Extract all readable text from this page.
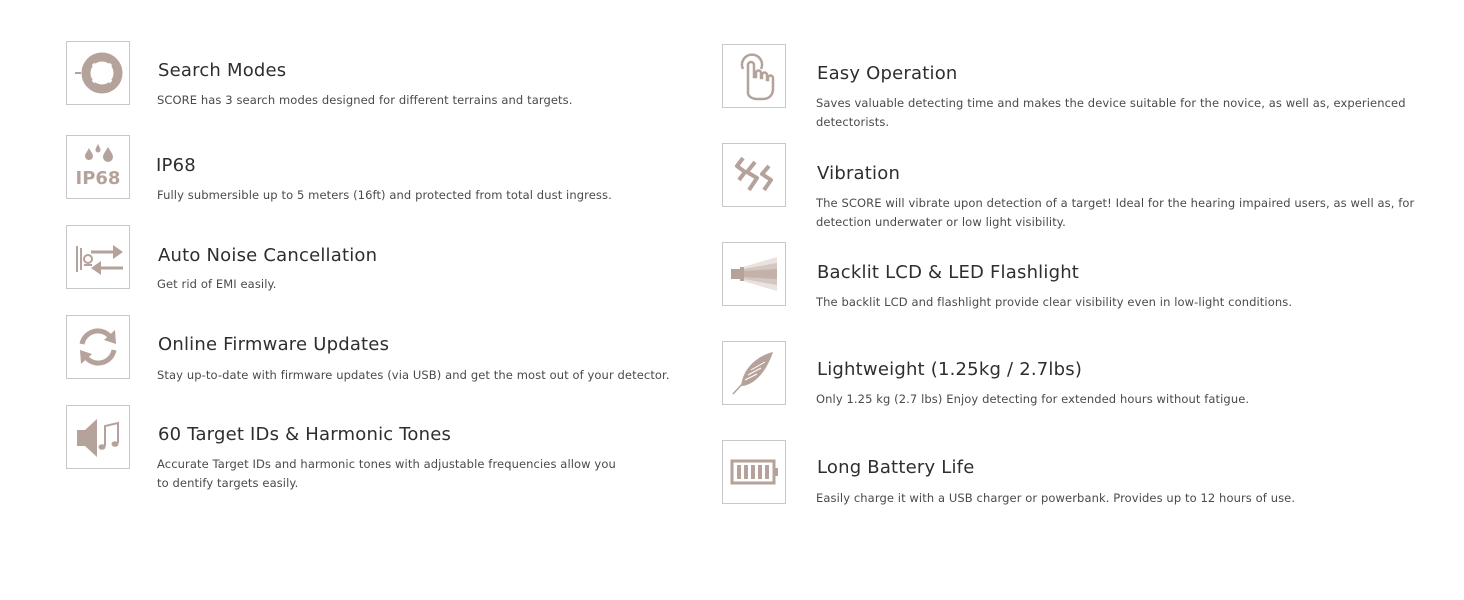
Search Modes
SCORE has 3 search modes designed for different terrains and targets.
IP68
IP68
Fully submersible up to 5 meters (16ft) and protected from total dust ingress.
Auto Noise Cancellation
Get rid of EMI easily.
Online Firmware Updates
Stay up-to-date with firmware updates (via USB) and get the most out of your detector.
60 Target IDs & Harmonic Tones
Accurate Target IDs and harmonic tones with adjustable frequencies allow you to dentify targets easily.
Easy Operation
Saves valuable detecting time and makes the device suitable for the novice, as well as, experienced detectorists.
Vibration
The SCORE will vibrate upon detection of a target! Ideal for the hearing impaired users, as well as, for detection underwater or low light visibility.
Backlit LCD & LED Flashlight
The backlit LCD and flashlight provide clear visibility even in low-light conditions.
Lightweight (1.25kg / 2.7lbs)
Only 1.25 kg (2.7 lbs) Enjoy detecting for extended hours without fatigue.
Long Battery Life
Easily charge it with a USB charger or powerbank. Provides up to 12 hours of use.
